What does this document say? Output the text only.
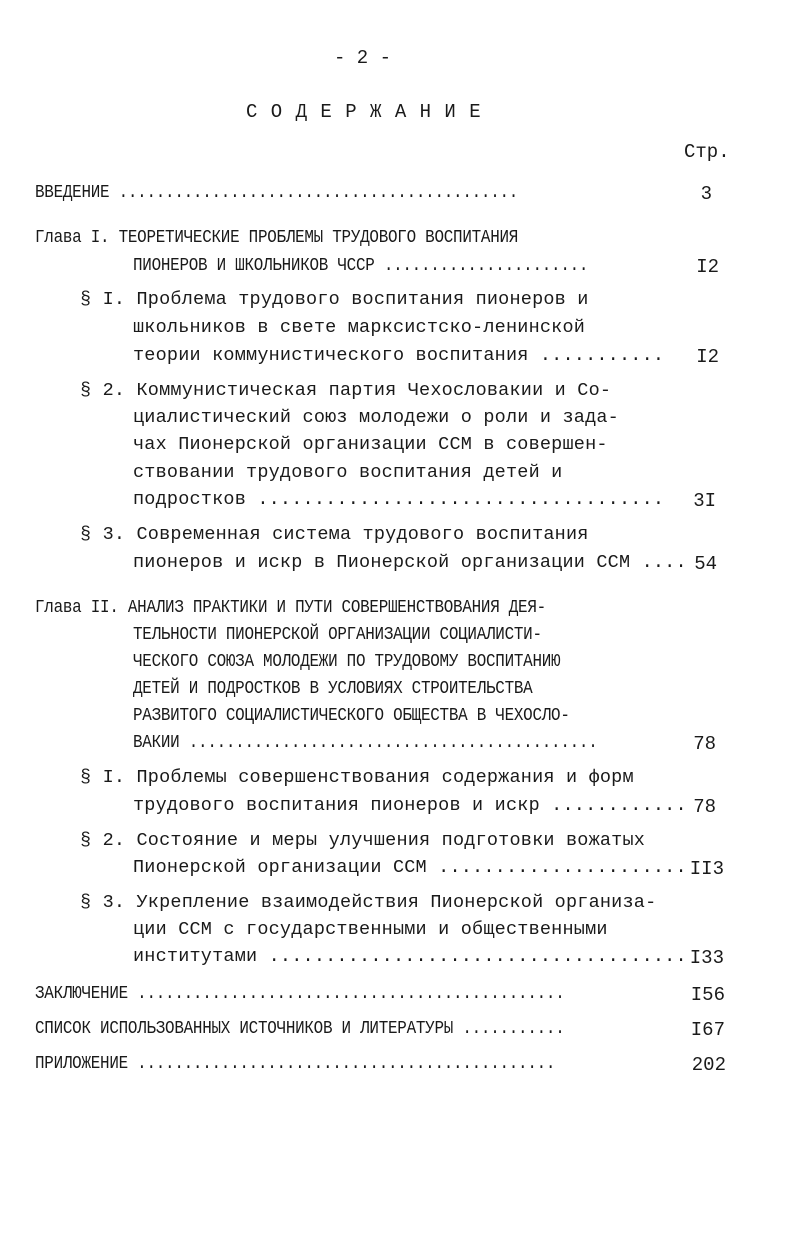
- 2 -
С О Д Е Р Ж А Н И Е
Стр.
ВВЕДЕНИЕ ...........................................	3
Глава I. ТЕОРЕТИЧЕСКИЕ ПРОБЛЕМЫ ТРУДОВОГО ВОСПИТАНИЯ
ПИОНЕРОВ И ШКОЛЬНИКОВ ЧССР ......................	I2
§ I. Проблема трудового воспитания пионеров и
школьников в свете марксистско-ленинской
теории коммунистического воспитания ...........	I2
§ 2. Коммунистическая партия Чехословакии и Со-
циалистический союз молодежи о роли и зада-
чах Пионерской организации ССМ в совершен-
ствовании трудового воспитания детей и
подростков ....................................	3I
§ 3. Современная система трудового воспитания
пионеров и искр в Пионерской организации ССМ .... 54
Глава II. АНАЛИЗ ПРАКТИКИ И ПУТИ СОВЕРШЕНСТВОВАНИЯ ДЕЯ-
ТЕЛЬНОСТИ ПИОНЕРСКОЙ ОРГАНИЗАЦИИ СОЦИАЛИСТИ-
ЧЕСКОГО СОЮЗА МОЛОДЕЖИ ПО ТРУДОВОМУ ВОСПИТАНИЮ
ДЕТЕЙ И ПОДРОСТКОВ В УСЛОВИЯХ СТРОИТЕЛЬСТВА
РАЗВИТОГО СОЦИАЛИСТИЧЕСКОГО ОБЩЕСТВА В ЧЕХОСЛО-
ВАКИИ ............................................	78
§ I. Проблемы совершенствования содержания и форм
трудового воспитания пионеров и искр ............ 78
§ 2. Состояние и меры улучшения подготовки вожатых
Пионерской организации ССМ ...................... II3
§ 3. Укрепление взаимодействия Пионерской организа-
ции ССМ с государственными и общественными
институтами ..................................... I33
ЗАКЛЮЧЕНИЕ ..............................................	I56
СПИСОК ИСПОЛЬЗОВАННЫХ ИСТОЧНИКОВ И ЛИТЕРАТУРЫ ...........	I67
ПРИЛОЖЕНИЕ .............................................	202
